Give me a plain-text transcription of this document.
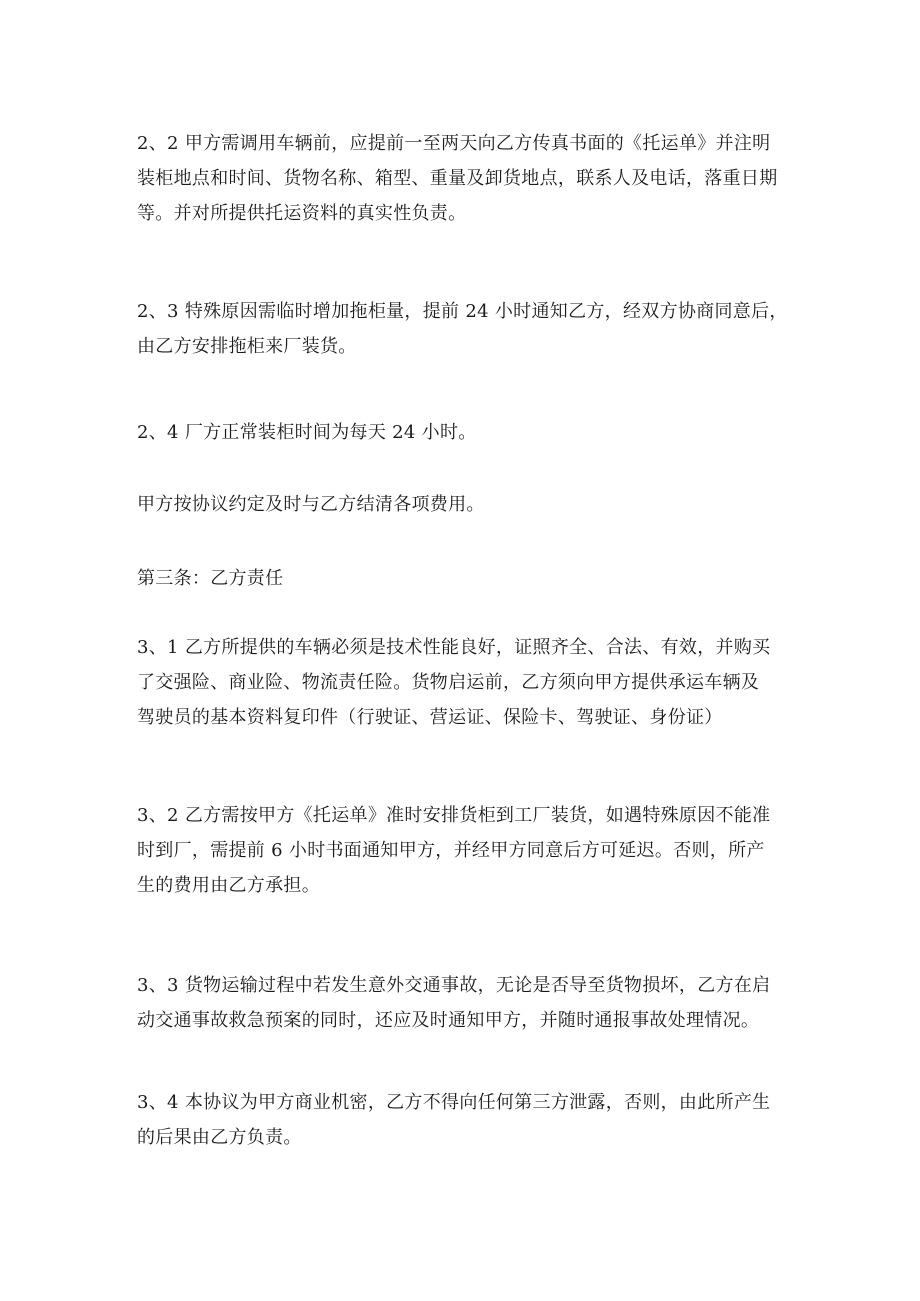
2、2 甲方需调用车辆前，应提前一至两天向乙方传真书面的《托运单》并注明
装柜地点和时间、货物名称、箱型、重量及卸货地点，联系人及电话，落重日期
等。并对所提供托运资料的真实性负责。

2、3 特殊原因需临时增加拖柜量，提前 24 小时通知乙方，经双方协商同意后，
由乙方安排拖柜来厂装货。

2、4 厂方正常装柜时间为每天 24 小时。

甲方按协议约定及时与乙方结清各项费用。

第三条：乙方责任

3、1 乙方所提供的车辆必须是技术性能良好，证照齐全、合法、有效，并购买
了交强险、商业险、物流责任险。货物启运前，乙方须向甲方提供承运车辆及
驾驶员的基本资料复印件（行驶证、营运证、保险卡、驾驶证、身份证）

3、2 乙方需按甲方《托运单》准时安排货柜到工厂装货，如遇特殊原因不能准
时到厂，需提前 6 小时书面通知甲方，并经甲方同意后方可延迟。否则，所产
生的费用由乙方承担。

3、3 货物运输过程中若发生意外交通事故，无论是否导至货物损坏，乙方在启
动交通事故救急预案的同时，还应及时通知甲方，并随时通报事故处理情况。

3、4 本协议为甲方商业机密，乙方不得向任何第三方泄露，否则，由此所产生
的后果由乙方负责。
